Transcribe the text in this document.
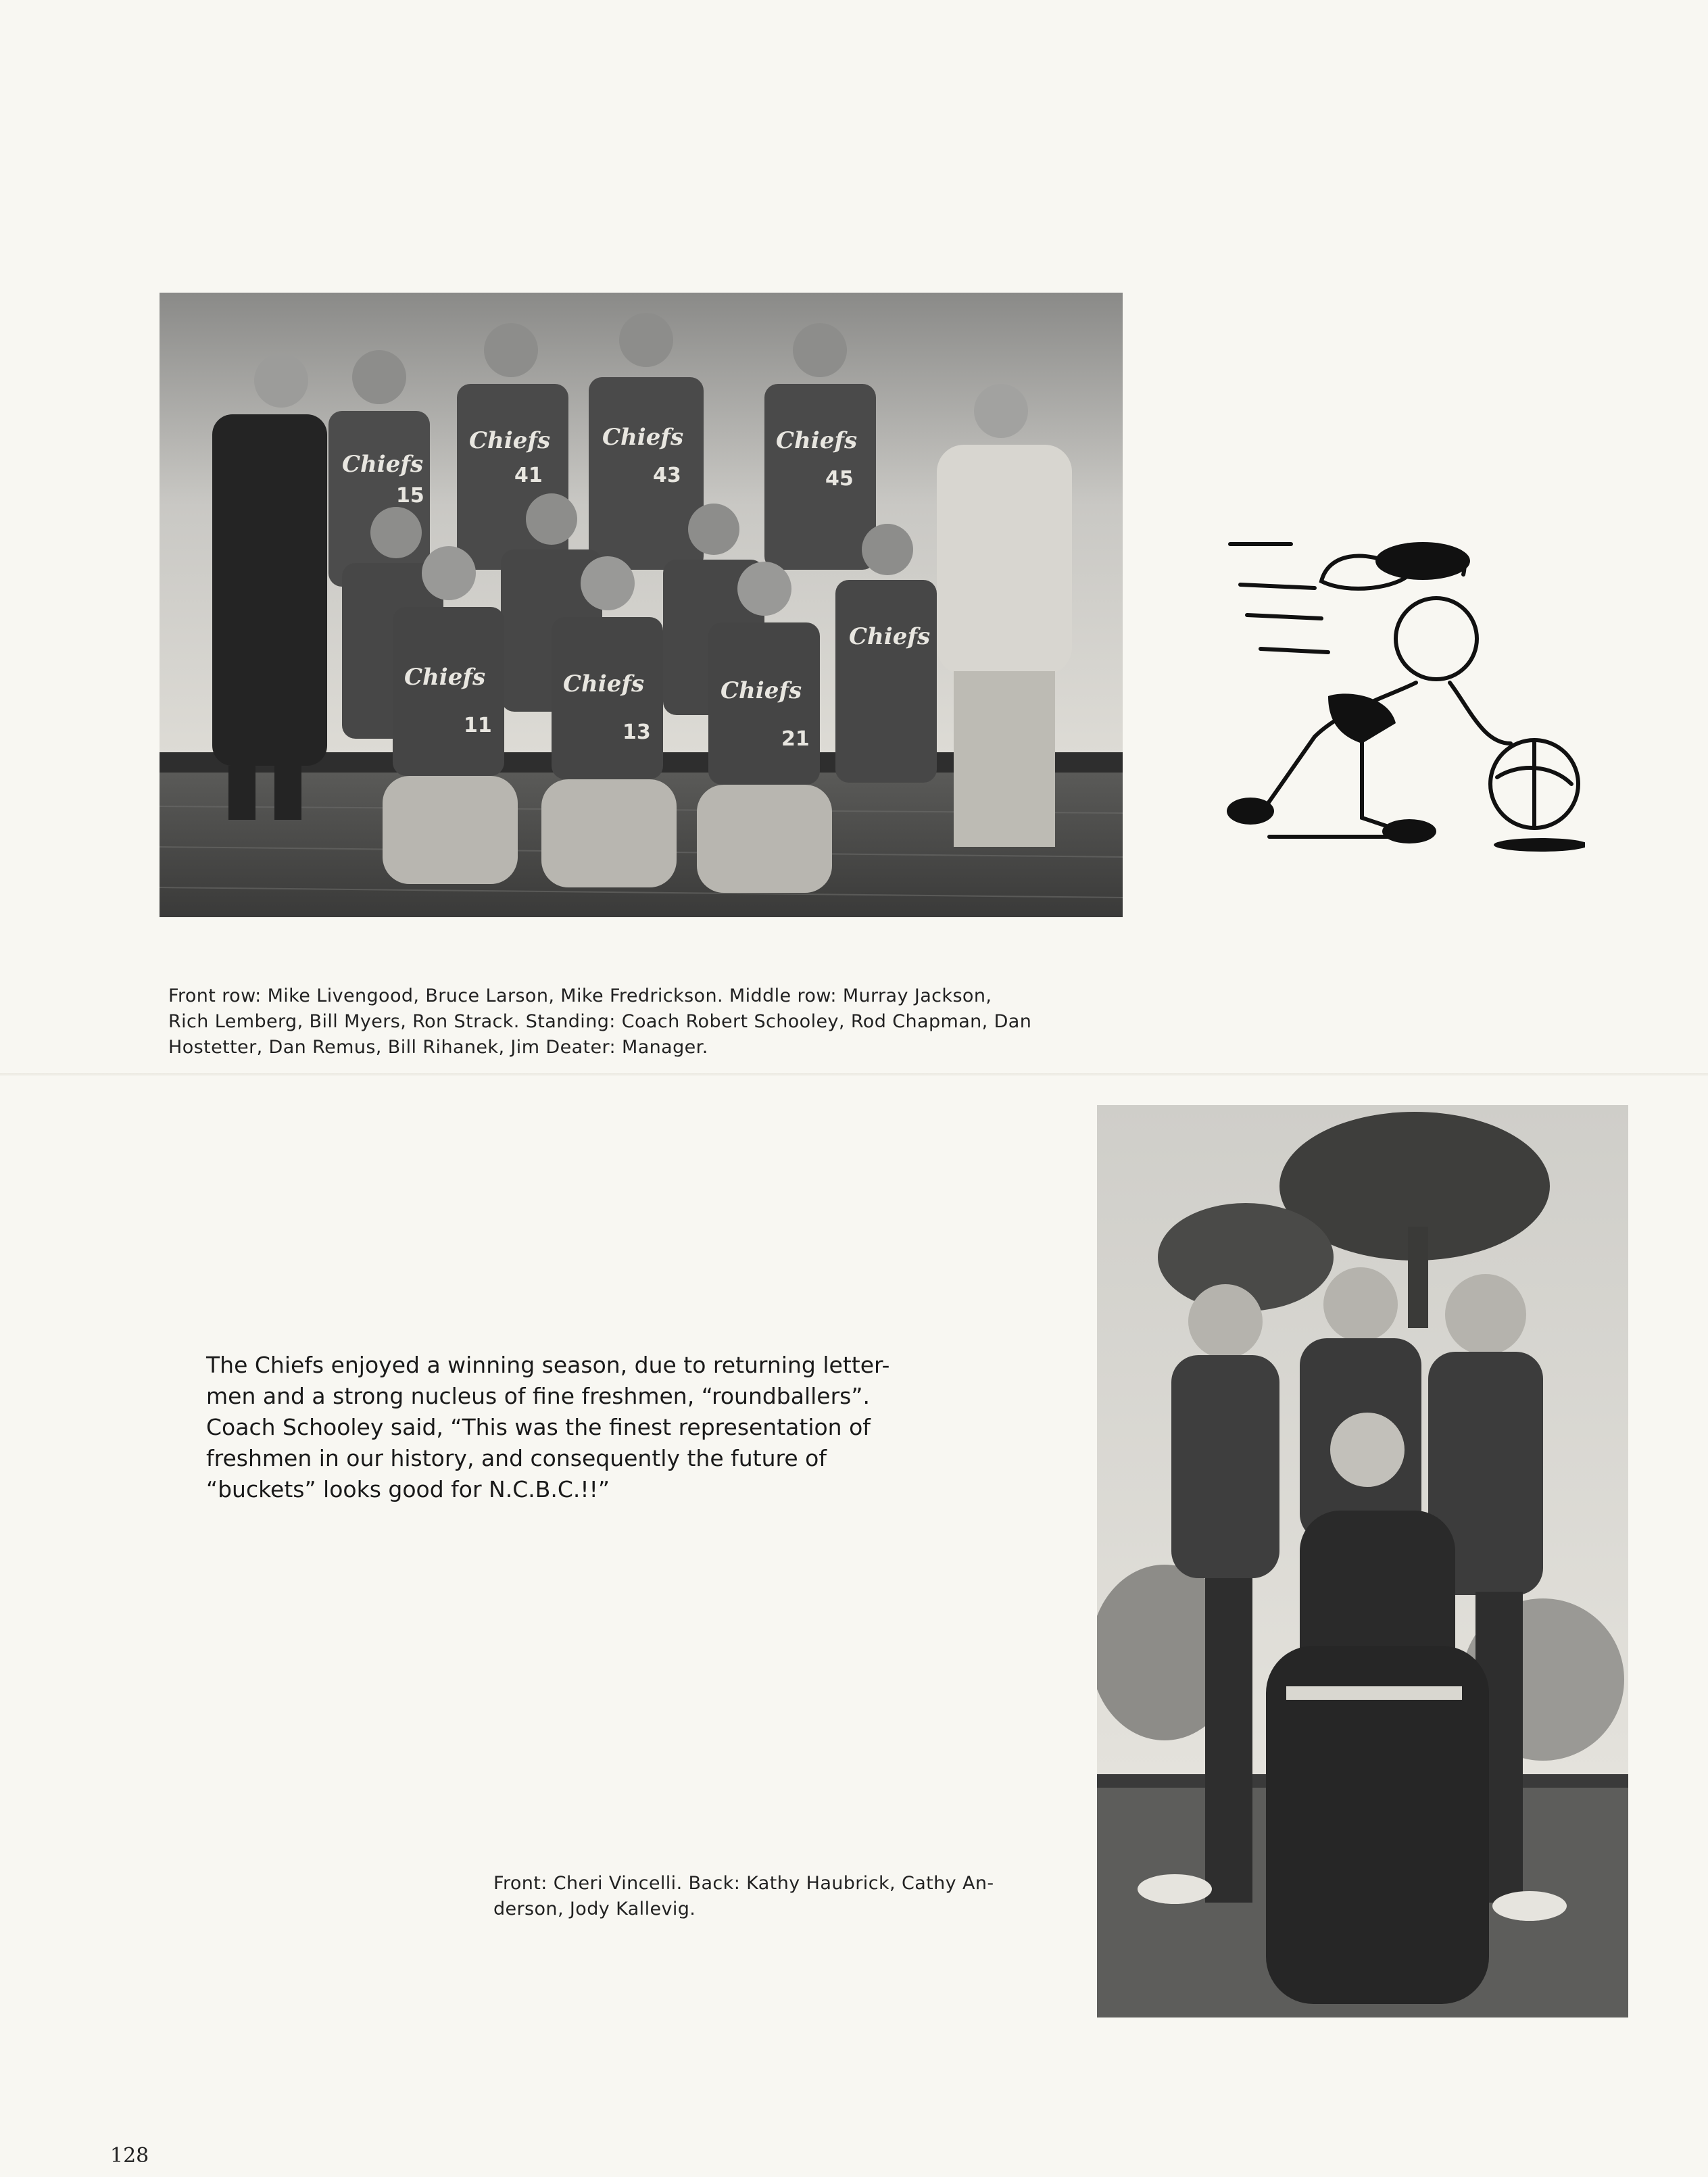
Chiefs
Chiefs Chiefs	Chiefs
Chiefs	Chiefs	Chiefs
Chiefs
15
41	43	45
11	13	21

Front row: Mike Livengood, Bruce Larson, Mike Fredrickson. Middle row: Murray Jackson,
Rich Lemberg, Bill Myers, Ron Strack. Standing: Coach Robert Schooley, Rod Chapman, Dan
Hostetter, Dan Remus, Bill Rihanek, Jim Deater: Manager.

The Chiefs enjoyed a winning season, due to returning letter-
men and a strong nucleus of fine freshmen, “roundballers”.
Coach Schooley said, “This was the finest representation of
freshmen in our history, and consequently the future of
“buckets” looks good for N.C.B.C.!!”

Front: Cheri Vincelli. Back: Kathy Haubrick, Cathy An-
derson, Jody Kallevig.

128
